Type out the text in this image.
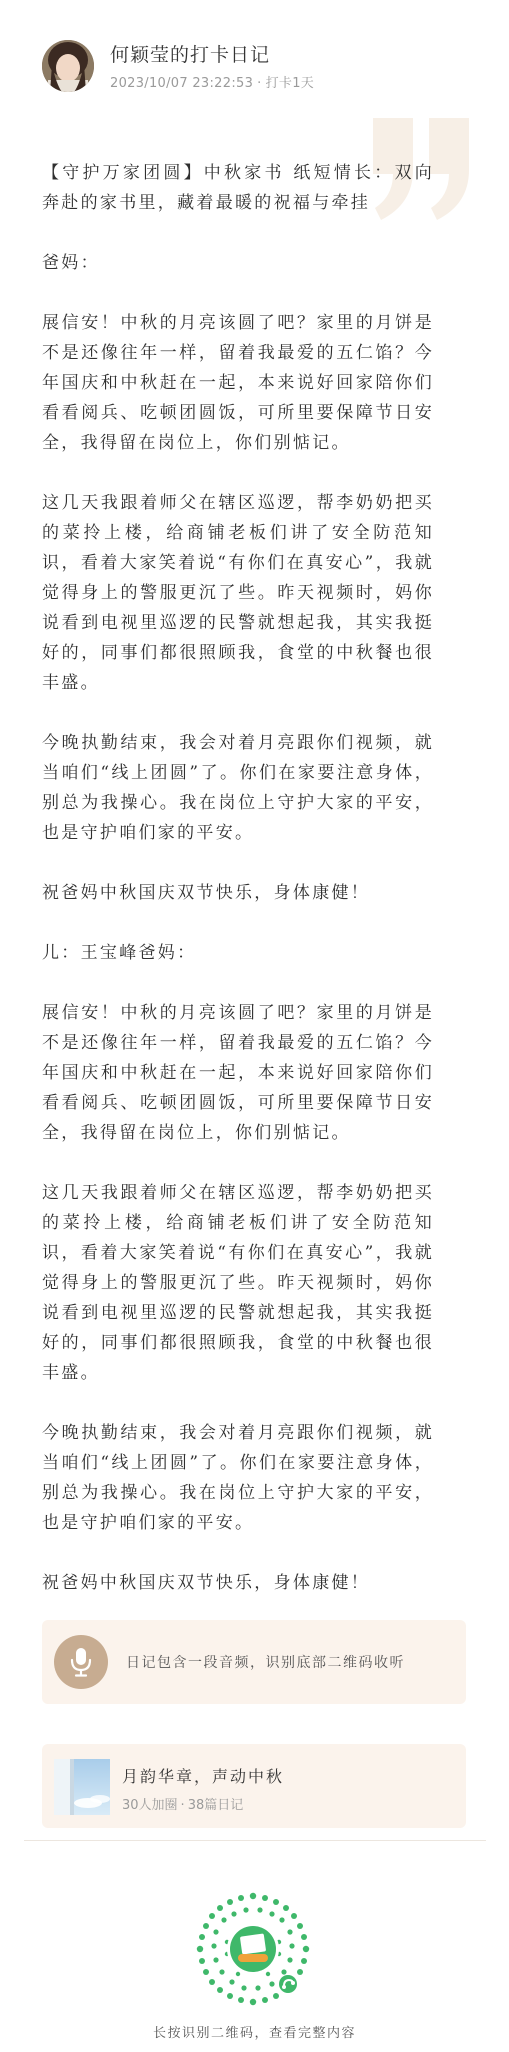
何颖莹的打卡日记
2023/10/07 23:22:53 · 打卡1天

【守护万家团圆】中秋家书 纸短情长：双向奔赴的家书里，藏着最暖的祝福与牵挂

爸妈：

展信安！中秋的月亮该圆了吧？家里的月饼是不是还像往年一样，留着我最爱的五仁馅？今年国庆和中秋赶在一起，本来说好回家陪你们看看阅兵、吃顿团圆饭，可所里要保障节日安全，我得留在岗位上，你们别惦记。

这几天我跟着师父在辖区巡逻，帮李奶奶把买的菜拎上楼，给商铺老板们讲了安全防范知识，看着大家笑着说“有你们在真安心”，我就觉得身上的警服更沉了些。昨天视频时，妈你说看到电视里巡逻的民警就想起我，其实我挺好的，同事们都很照顾我，食堂的中秋餐也很丰盛。

今晚执勤结束，我会对着月亮跟你们视频，就当咱们“线上团圆”了。你们在家要注意身体，别总为我操心。我在岗位上守护大家的平安，也是守护咱们家的平安。

祝爸妈中秋国庆双节快乐，身体康健！

儿：王宝峰爸妈：

展信安！中秋的月亮该圆了吧？家里的月饼是不是还像往年一样，留着我最爱的五仁馅？今年国庆和中秋赶在一起，本来说好回家陪你们看看阅兵、吃顿团圆饭，可所里要保障节日安全，我得留在岗位上，你们别惦记。

这几天我跟着师父在辖区巡逻，帮李奶奶把买的菜拎上楼，给商铺老板们讲了安全防范知识，看着大家笑着说“有你们在真安心”，我就觉得身上的警服更沉了些。昨天视频时，妈你说看到电视里巡逻的民警就想起我，其实我挺好的，同事们都很照顾我，食堂的中秋餐也很丰盛。

今晚执勤结束，我会对着月亮跟你们视频，就当咱们“线上团圆”了。你们在家要注意身体，别总为我操心。我在岗位上守护大家的平安，也是守护咱们家的平安。

祝爸妈中秋国庆双节快乐，身体康健！

日记包含一段音频，识别底部二维码收听
月韵华章，声动中秋
30人加圈 · 38篇日记
长按识别二维码，查看完整内容
